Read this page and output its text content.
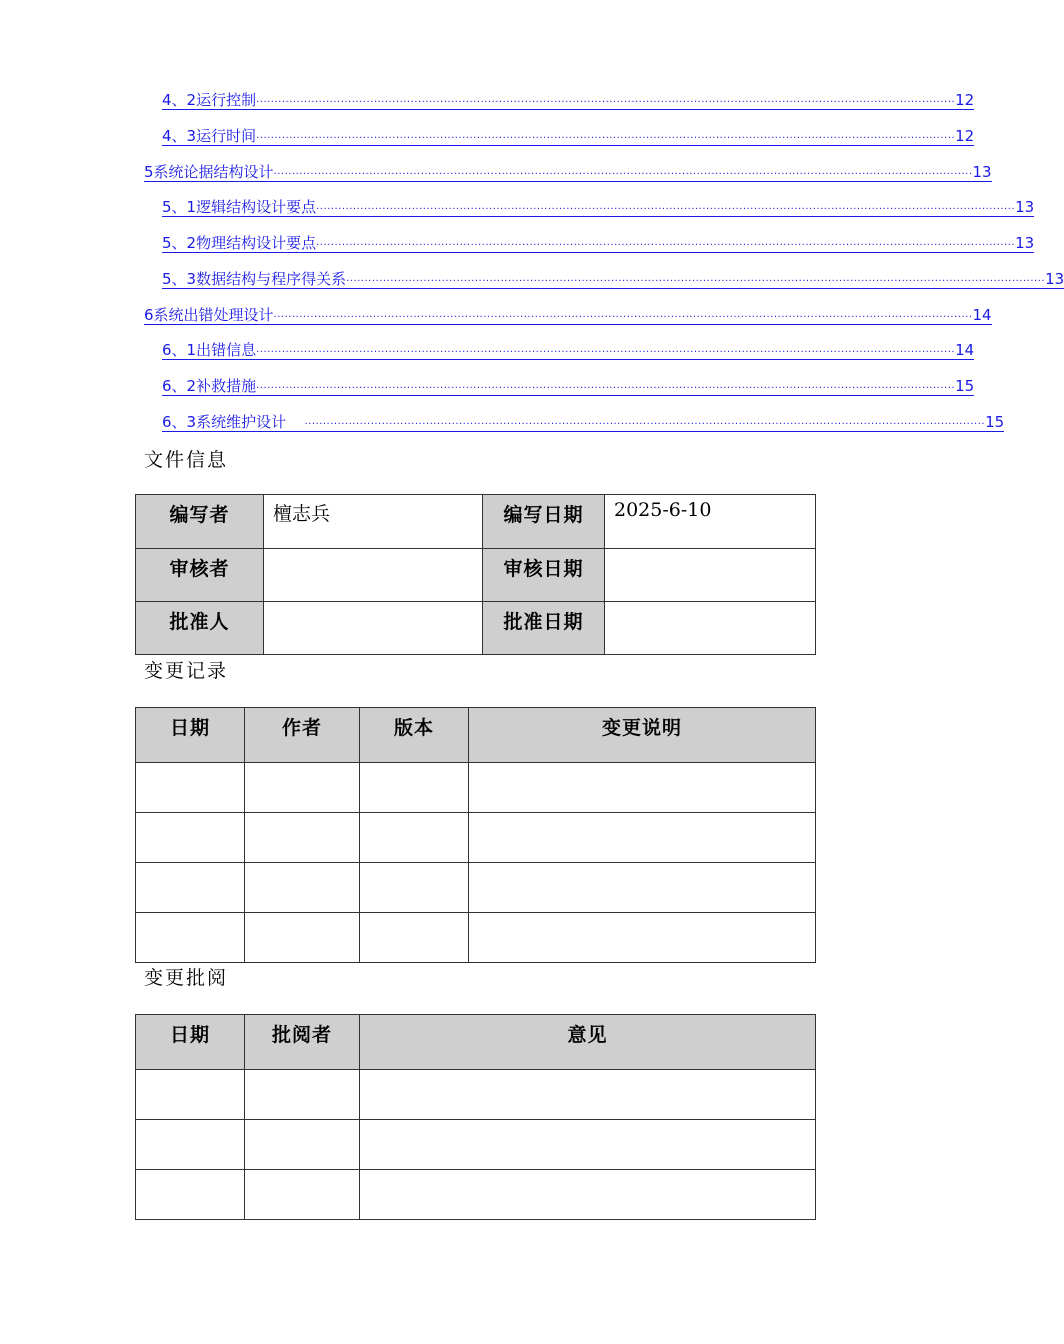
4、2运行控制 .............................................................................................................................................................................................. 12
4、3运行时间 .............................................................................................................................................................................................. 12
5系统论据结构设计 .............................................................................................................................................................................................. 13
5、1逻辑结构设计要点 .............................................................................................................................................................................................. 13
5、2物理结构设计要点 .............................................................................................................................................................................................. 13
5、3数据结构与程序得关系 .............................................................................................................................................................................................. 13
6系统出错处理设计 .............................................................................................................................................................................................. 14
6、1出错信息 .............................................................................................................................................................................................. 14
6、2补救措施 .............................................................................................................................................................................................. 15
6、3系统维护设计 ......................................................................................................................................................................................... 15
文件信息
编写者	檀志兵	编写日期	2025-6-10
审核者		审核日期	
批准人		批准日期	
变更记录
日期	作者	版本	变更说明

变更批阅
日期	批阅者	意见
